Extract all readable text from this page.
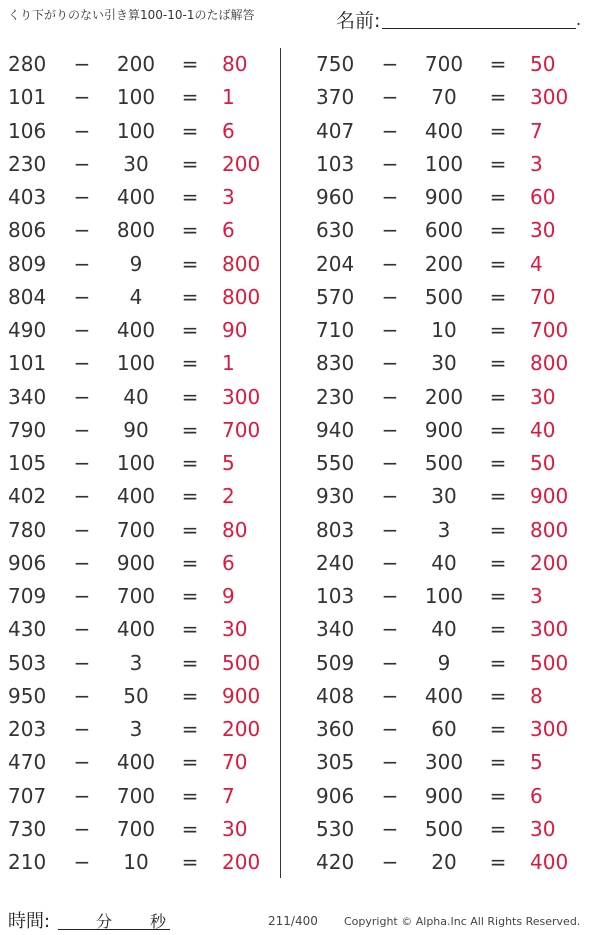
くり下がりのない引き算100-10-1のたば解答	名前:	.
280	−	200	= 80
101	−	100	= 1
106	−	100	= 6
230	−	30	= 200
403	−	400	= 3
806	−	800	= 6
809	−	9	= 800
804	−	4	= 800
490	−	400	= 90
101	−	100	= 1
340	−	40	= 300
790	−	90	= 700
105	−	100	= 5
402	−	400	= 2
780	−	700	= 80
906	−	900	= 6
709	−	700	= 9
430	−	400	= 30
503	−	3	= 500
950	−	50	= 900
203	−	3	= 200
470	−	400	= 70
707	−	700	= 7
730	−	700	= 30
210	−	10	= 200
750	−	700	= 50
370	−	70	= 300
407	−	400	= 7
103	−	100	= 3
960	−	900	= 60
630	−	600	= 30
204	−	200	= 4
570	−	500	= 70
710	−	10	= 700
830	−	30	= 800
230	−	200	= 30
940	−	900	= 40
550	−	500	= 50
930	−	30	= 900
803	−	3	= 800
240	−	40	= 200
103	−	100	= 3
340	−	40	= 300
509	−	9	= 500
408	−	400	= 8
360	−	60	= 300
305	−	300	= 5
906	−	900	= 6
530	−	500	= 30
420	−	20	= 400
時間:	分 秒	211/400 Copyright © Alpha.Inc All Rights Reserved.
